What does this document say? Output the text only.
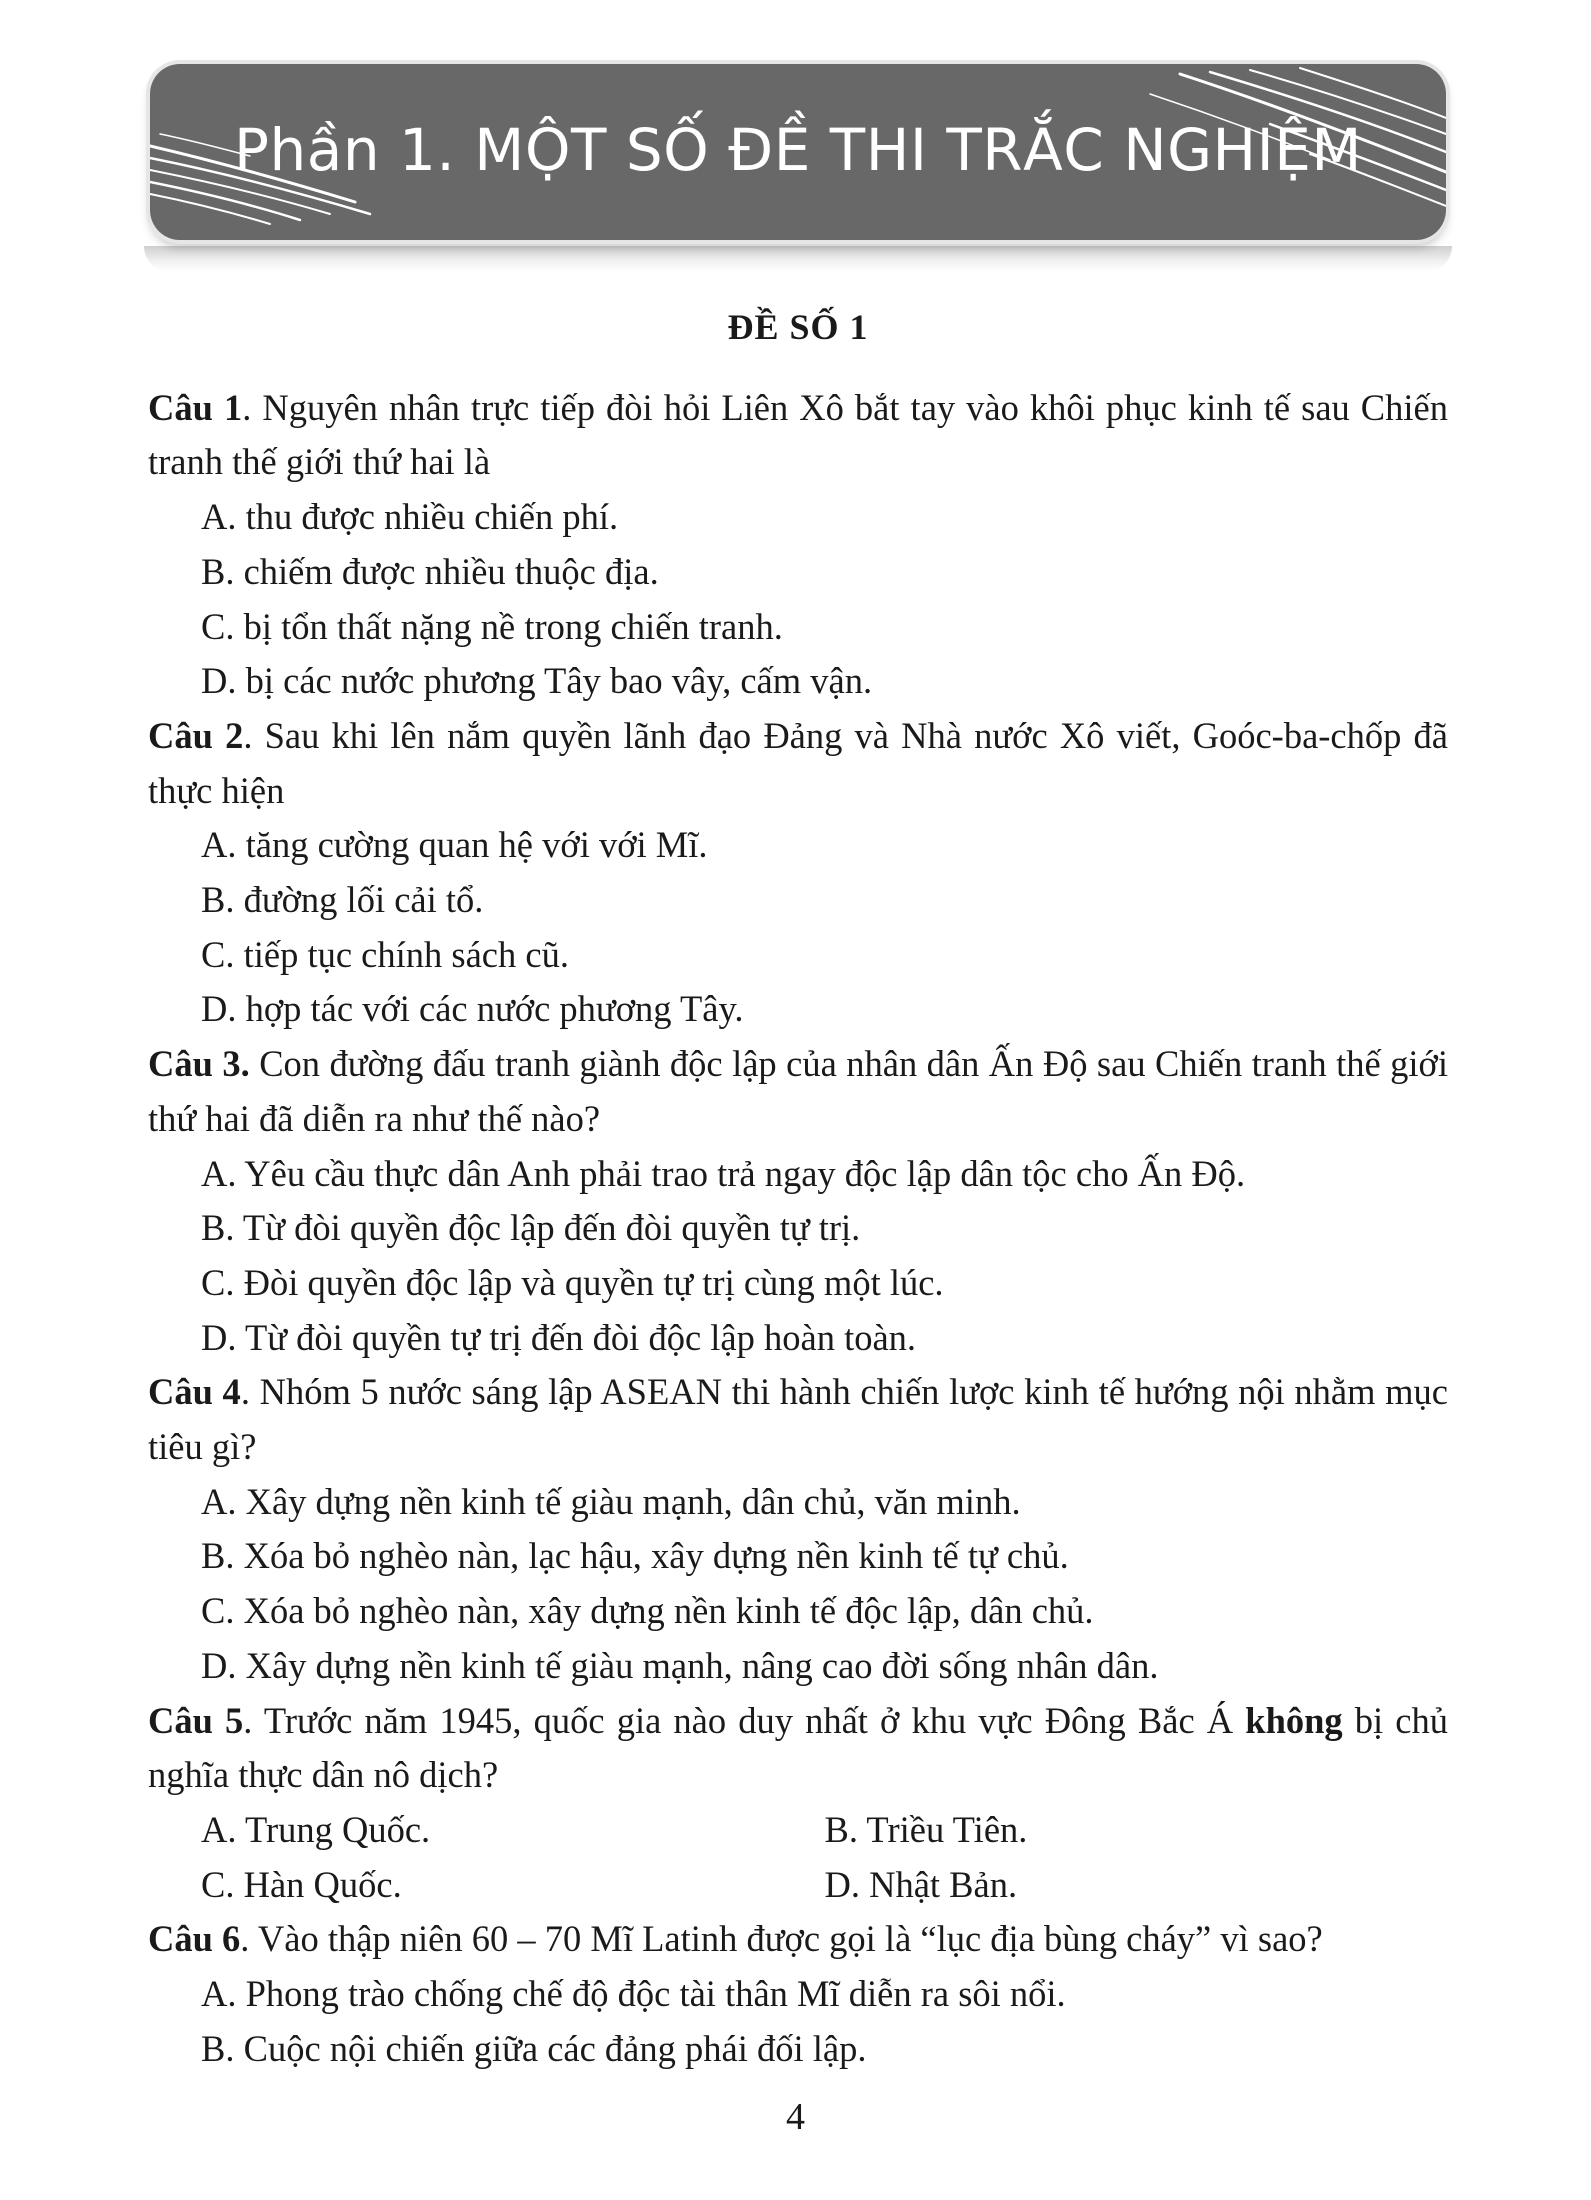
Phần 1. MỘT SỐ ĐỀ THI TRẮC NGHIỆM
ĐỀ SỐ 1
Câu 1. Nguyên nhân trực tiếp đòi hỏi Liên Xô bắt tay vào khôi phục kinh tế sau Chiến tranh thế giới thứ hai là
A. thu được nhiều chiến phí.
B. chiếm được nhiều thuộc địa.
C. bị tổn thất nặng nề trong chiến tranh.
D. bị các nước phương Tây bao vây, cấm vận.
Câu 2. Sau khi lên nắm quyền lãnh đạo Đảng và Nhà nước Xô viết, Goóc-ba-chốp đã thực hiện
A. tăng cường quan hệ với với Mĩ.
B. đường lối cải tổ.
C. tiếp tục chính sách cũ.
D. hợp tác với các nước phương Tây.
Câu 3. Con đường đấu tranh giành độc lập của nhân dân Ấn Độ sau Chiến tranh thế giới thứ hai đã diễn ra như thế nào?
A. Yêu cầu thực dân Anh phải trao trả ngay độc lập dân tộc cho Ấn Độ.
B. Từ đòi quyền độc lập đến đòi quyền tự trị.
C. Đòi quyền độc lập và quyền tự trị cùng một lúc.
D. Từ đòi quyền tự trị đến đòi độc lập hoàn toàn.
Câu 4. Nhóm 5 nước sáng lập ASEAN thi hành chiến lược kinh tế hướng nội nhằm mục tiêu gì?
A. Xây dựng nền kinh tế giàu mạnh, dân chủ, văn minh.
B. Xóa bỏ nghèo nàn, lạc hậu, xây dựng nền kinh tế tự chủ.
C. Xóa bỏ nghèo nàn, xây dựng nền kinh tế độc lập, dân chủ.
D. Xây dựng nền kinh tế giàu mạnh, nâng cao đời sống nhân dân.
Câu 5. Trước năm 1945, quốc gia nào duy nhất ở khu vực Đông Bắc Á không bị chủ nghĩa thực dân nô dịch?
A. Trung Quốc.	B. Triều Tiên.
C. Hàn Quốc.	D. Nhật Bản.
Câu 6. Vào thập niên 60 – 70 Mĩ Latinh được gọi là “lục địa bùng cháy” vì sao?
A. Phong trào chống chế độ độc tài thân Mĩ diễn ra sôi nổi.
B. Cuộc nội chiến giữa các đảng phái đối lập.
4
